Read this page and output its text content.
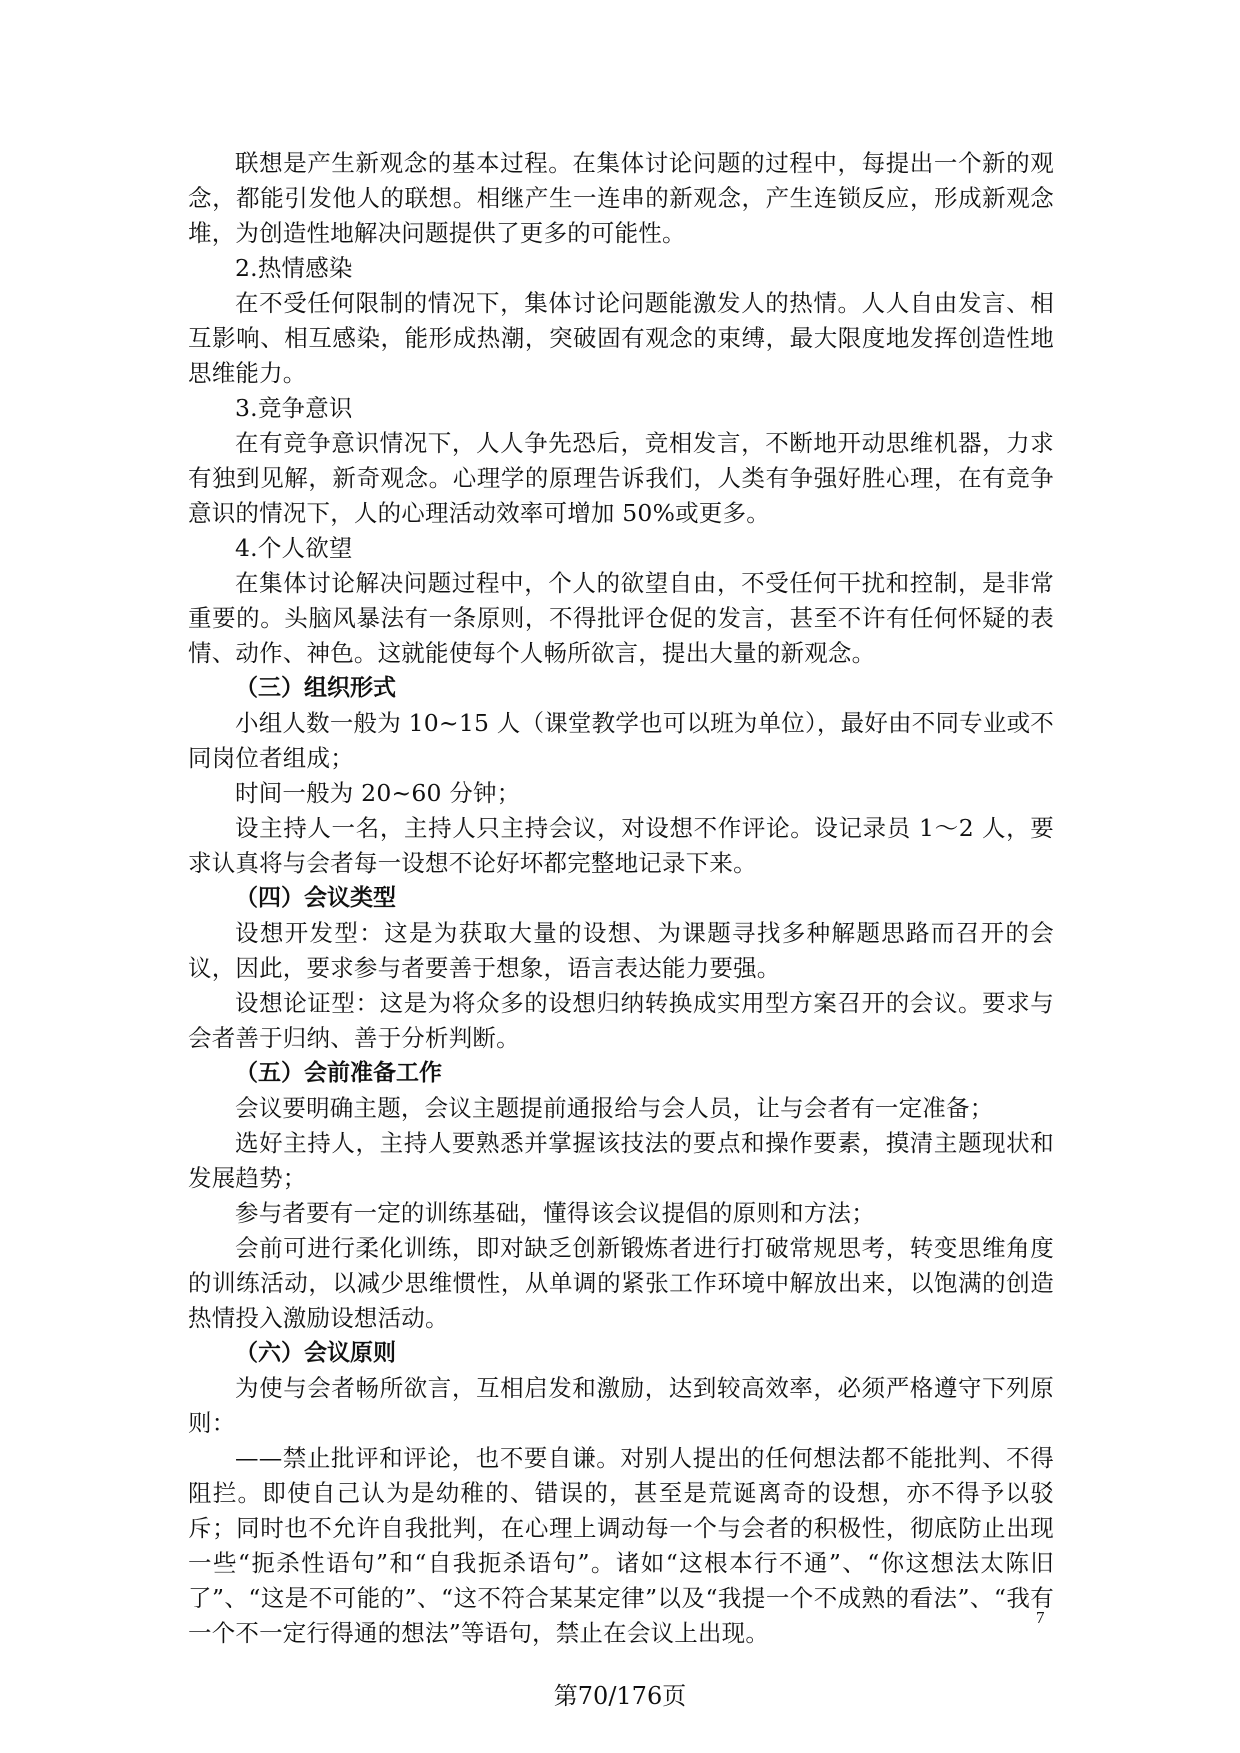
联想是产生新观念的基本过程。在集体讨论问题的过程中，每提出一个新的观念，都能引发他人的联想。相继产生一连串的新观念，产生连锁反应，形成新观念堆，为创造性地解决问题提供了更多的可能性。

2.热情感染

在不受任何限制的情况下，集体讨论问题能激发人的热情。人人自由发言、相互影响、相互感染，能形成热潮，突破固有观念的束缚，最大限度地发挥创造性地思维能力。

3.竞争意识

在有竞争意识情况下，人人争先恐后，竞相发言，不断地开动思维机器，力求有独到见解，新奇观念。心理学的原理告诉我们，人类有争强好胜心理，在有竞争意识的情况下，人的心理活动效率可增加 50%或更多。

4.个人欲望

在集体讨论解决问题过程中，个人的欲望自由，不受任何干扰和控制，是非常重要的。头脑风暴法有一条原则，不得批评仓促的发言，甚至不许有任何怀疑的表情、动作、神色。这就能使每个人畅所欲言，提出大量的新观念。

（三）组织形式

小组人数一般为 10~15 人（课堂教学也可以班为单位），最好由不同专业或不同岗位者组成；

时间一般为 20~60 分钟；

设主持人一名，主持人只主持会议，对设想不作评论。设记录员 1～2 人，要求认真将与会者每一设想不论好坏都完整地记录下来。

（四）会议类型

设想开发型：这是为获取大量的设想、为课题寻找多种解题思路而召开的会议，因此，要求参与者要善于想象，语言表达能力要强。

设想论证型：这是为将众多的设想归纳转换成实用型方案召开的会议。要求与会者善于归纳、善于分析判断。

（五）会前准备工作

会议要明确主题，会议主题提前通报给与会人员，让与会者有一定准备；

选好主持人，主持人要熟悉并掌握该技法的要点和操作要素，摸清主题现状和发展趋势；

参与者要有一定的训练基础，懂得该会议提倡的原则和方法；

会前可进行柔化训练，即对缺乏创新锻炼者进行打破常规思考，转变思维角度的训练活动，以减少思维惯性，从单调的紧张工作环境中解放出来，以饱满的创造热情投入激励设想活动。

（六）会议原则

为使与会者畅所欲言，互相启发和激励，达到较高效率，必须严格遵守下列原则：

——禁止批评和评论，也不要自谦。对别人提出的任何想法都不能批判、不得阻拦。即使自己认为是幼稚的、错误的，甚至是荒诞离奇的设想，亦不得予以驳斥；同时也不允许自我批判，在心理上调动每一个与会者的积极性，彻底防止出现一些“扼杀性语句”和“自我扼杀语句”。诸如“这根本行不通”、“你这想法太陈旧了”、“这是不可能的”、“这不符合某某定律”以及“我提一个不成熟的看法”、“我有一个不一定行得通的想法”等语句，禁止在会议上出现。

7
第70/176页
